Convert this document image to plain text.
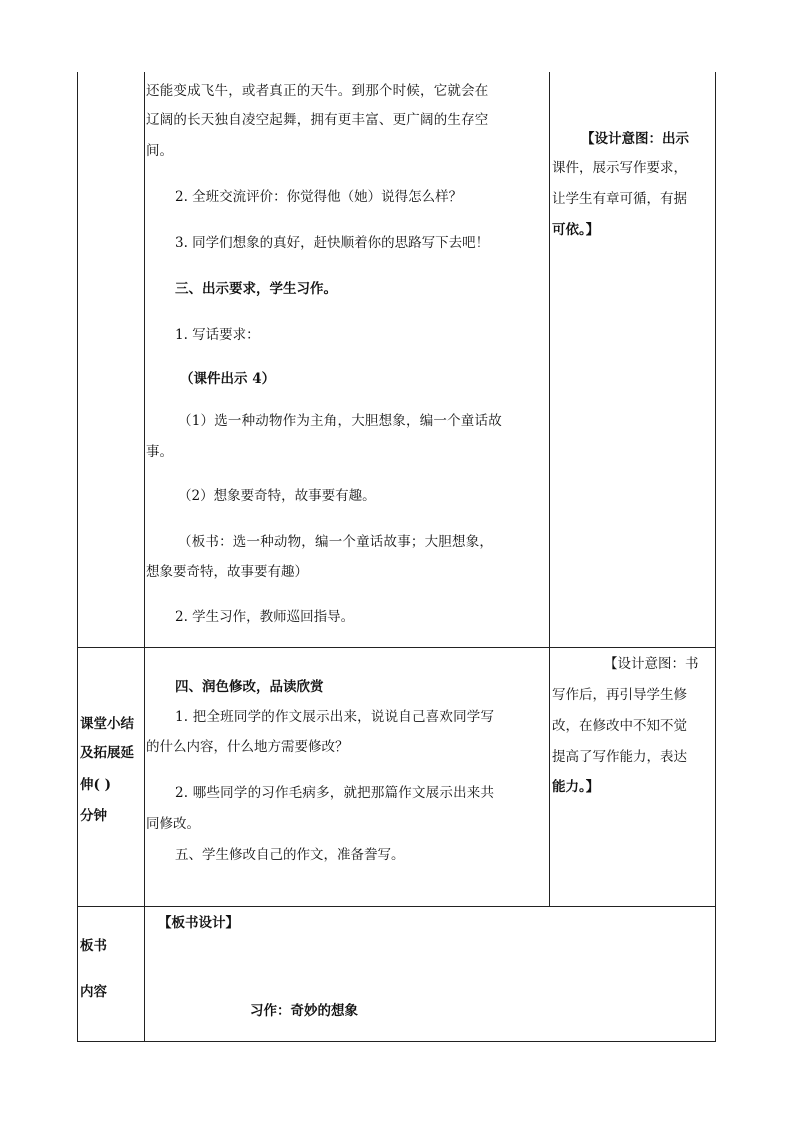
还能变成飞牛，或者真正的天牛。到那个时候，它就会在
辽阔的长天独自凌空起舞，拥有更丰富、更广阔的生存空
间。
2. 全班交流评价：你觉得他（她）说得怎么样？
3. 同学们想象的真好，赶快顺着你的思路写下去吧！
三、出示要求，学生习作。
1. 写话要求：
（课件出示 4）
（1）选一种动物作为主角，大胆想象，编一个童话故
事。
（2）想象要奇特，故事要有趣。
（板书：选一种动物，编一个童话故事；大胆想象，
想象要奇特，故事要有趣）
2. 学生习作，教师巡回指导。
【设计意图：出示
课件，展示写作要求，
让学生有章可循，有据
可依。】
课堂小结
及拓展延
伸( )
分钟
四、润色修改，品读欣赏
1. 把全班同学的作文展示出来，说说自己喜欢同学写
的什么内容，什么地方需要修改？
2. 哪些同学的习作毛病多，就把那篇作文展示出来共
同修改。
五、学生修改自己的作文，准备誊写。
【设计意图：书
写作后，再引导学生修
改，在修改中不知不觉
提高了写作能力，表达
能力。】
板书
内容
【板书设计】
习作：奇妙的想象
